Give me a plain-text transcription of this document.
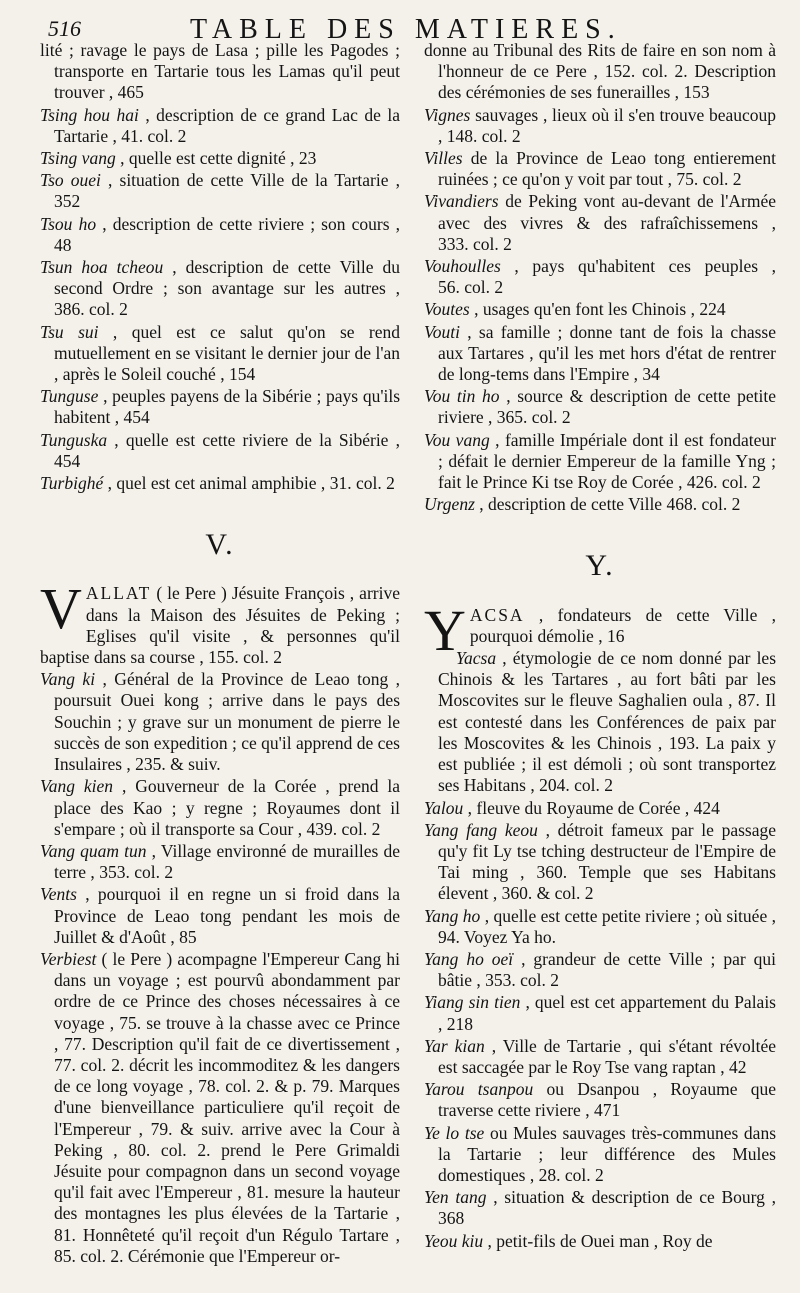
516	TABLE DES MATIERES.

lité ; ravage le pays de Lasa ; pille les Pagodes ; transporte en Tartarie tous les Lamas qu'il peut trouver , 465

Tsing hou hai , description de ce grand Lac de la Tartarie , 41. col. 2

Tsing vang , quelle est cette dignité , 23

Tso ouei , situation de cette Ville de la Tartarie , 352

Tsou ho , description de cette riviere ; son cours , 48

Tsun hoa tcheou , description de cette Ville du second Ordre ; son avantage sur les autres , 386. col. 2

Tsu sui , quel est ce salut qu'on se rend mutuellement en se visitant le dernier jour de l'an , après le Soleil couché , 154

Tunguse , peuples payens de la Sibérie ; pays qu'ils habitent , 454

Tunguska , quelle est cette riviere de la Sibérie , 454

Turbighé , quel est cet animal amphibie , 31. col. 2

V.

V ALLAT ( le Pere ) Jésuite François , arrive dans la Maison des Jésuites de Peking ; Eglises qu'il visite , & personnes qu'il baptise dans sa course , 155. col. 2

Vang ki , Général de la Province de Leao tong , poursuit Ouei kong ; arrive dans le pays des Souchin ; y grave sur un monument de pierre le succès de son expedition ; ce qu'il apprend de ces Insulaires , 235. & suiv.

Vang kien , Gouverneur de la Corée , prend la place des Kao ; y regne ; Royaumes dont il s'empare ; où il transporte sa Cour , 439. col. 2

Vang quam tun , Village environné de murailles de terre , 353. col. 2

Vents , pourquoi il en regne un si froid dans la Province de Leao tong pendant les mois de Juillet & d'Août , 85

Verbiest ( le Pere ) acompagne l'Empereur Cang hi dans un voyage ; est pourvû abondamment par ordre de ce Prince des choses nécessaires à ce voyage , 75. se trouve à la chasse avec ce Prince , 77. Description qu'il fait de ce divertissement , 77. col. 2. décrit les incommoditez & les dangers de ce long voyage , 78. col. 2. & p. 79. Marques d'une bienveillance particuliere qu'il reçoit de l'Empereur , 79. & suiv. arrive avec la Cour à Peking , 80. col. 2. prend le Pere Grimaldi Jésuite pour compagnon dans un second voyage qu'il fait avec l'Empereur , 81. mesure la hauteur des montagnes les plus élevées de la Tartarie , 81. Honnêteté qu'il reçoit d'un Régulo Tartare , 85. col. 2. Cérémonie que l'Empereur or-

donne au Tribunal des Rits de faire en son nom à l'honneur de ce Pere , 152. col. 2. Description des cérémonies de ses funerailles , 153

Vignes sauvages , lieux où il s'en trouve beaucoup , 148. col. 2

Villes de la Province de Leao tong entierement ruinées ; ce qu'on y voit par tout , 75. col. 2

Vivandiers de Peking vont au-devant de l'Armée avec des vivres & des rafraîchissemens , 333. col. 2

Vouhoulles , pays qu'habitent ces peuples , 56. col. 2

Voutes , usages qu'en font les Chinois , 224

Vouti , sa famille ; donne tant de fois la chasse aux Tartares , qu'il les met hors d'état de rentrer de long-tems dans l'Empire , 34

Vou tin ho , source & description de cette petite riviere , 365. col. 2

Vou vang , famille Impériale dont il est fondateur ; défait le dernier Empereur de la famille Yng ; fait le Prince Ki tse Roy de Corée , 426. col. 2

Urgenz , description de cette Ville 468. col. 2

Y.

Y ACSA , fondateurs de cette Ville , pourquoi démolie , 16

Yacsa , étymologie de ce nom donné par les Chinois & les Tartares , au fort bâti par les Moscovites sur le fleuve Saghalien oula , 87. Il est contesté dans les Conférences de paix par les Moscovites & les Chinois , 193. La paix y est publiée ; il est démoli ; où sont transportez ses Habitans , 204. col. 2

Yalou , fleuve du Royaume de Corée , 424

Yang fang keou , détroit fameux par le passage qu'y fit Ly tse tching destructeur de l'Empire de Tai ming , 360. Temple que ses Habitans élevent , 360. & col. 2

Yang ho , quelle est cette petite riviere ; où située , 94. Voyez Ya ho.

Yang ho oeï , grandeur de cette Ville ; par qui bâtie , 353. col. 2

Yiang sin tien , quel est cet appartement du Palais , 218

Yar kian , Ville de Tartarie , qui s'étant révoltée est saccagée par le Roy Tse vang raptan , 42

Yarou tsanpou ou Dsanpou , Royaume que traverse cette riviere , 471

Ye lo tse ou Mules sauvages très-communes dans la Tartarie ; leur différence des Mules domestiques , 28. col. 2

Yen tang , situation & description de ce Bourg , 368

Yeou kiu , petit-fils de Ouei man , Roy de
